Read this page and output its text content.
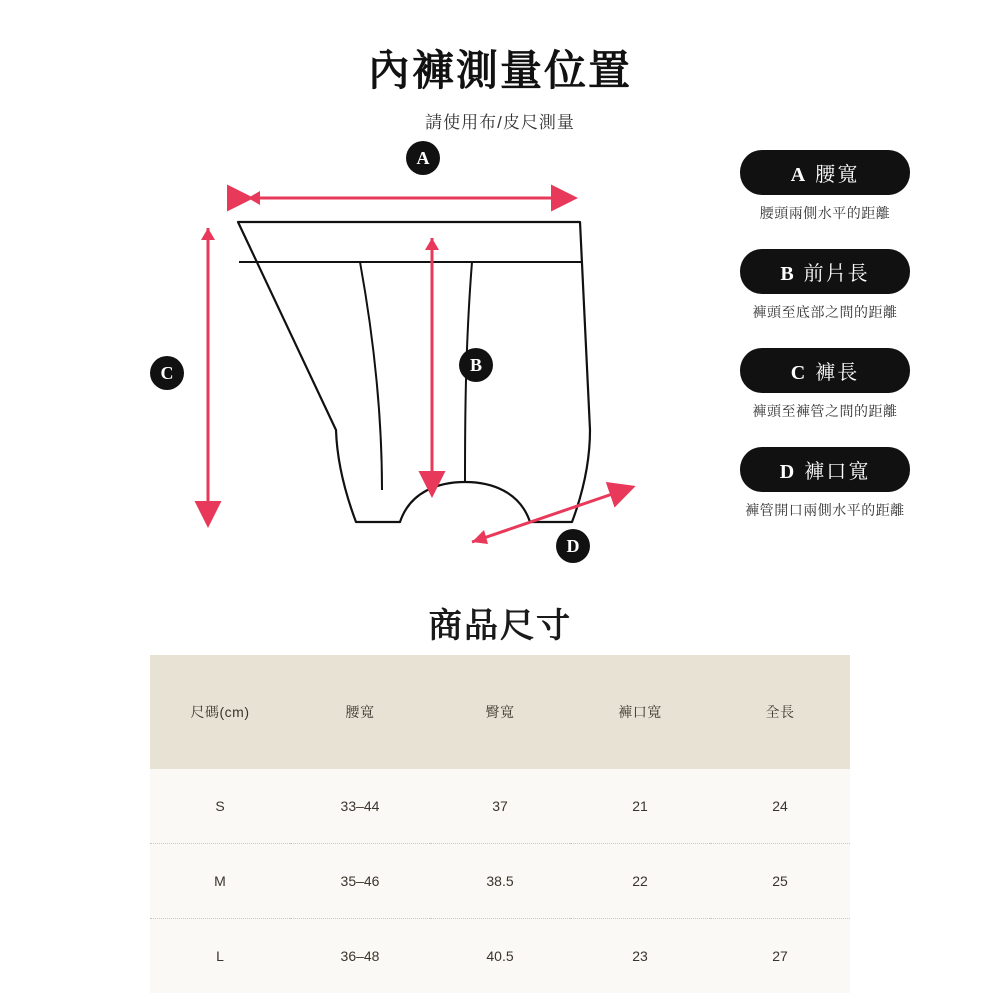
內褲測量位置
請使用布/皮尺測量
A
B
C
D
A 腰寬
腰頭兩側水平的距離
B 前片長
褲頭至底部之間的距離
C 褲長
褲頭至褲管之間的距離
D 褲口寬
褲管開口兩側水平的距離
商品尺寸
尺碼(cm)	腰寬	臀寬	褲口寬	全長
S	33–44	37	21	24
M	35–46	38.5	22	25
L	36–48	40.5	23	27
